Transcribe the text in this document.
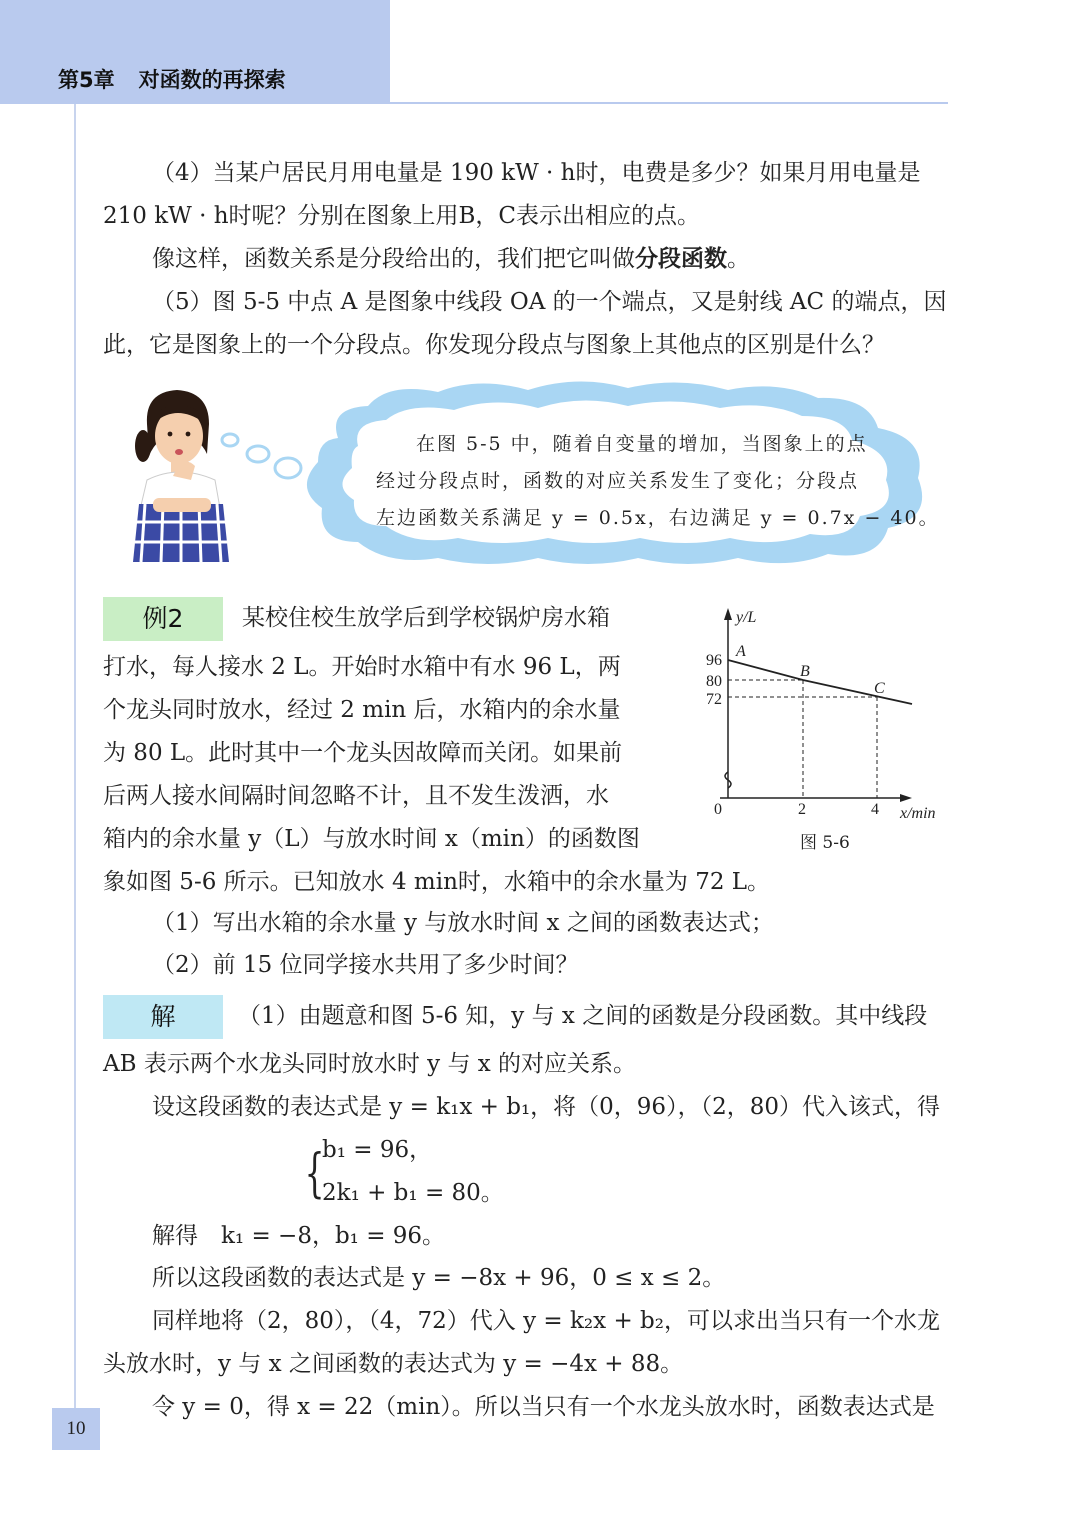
第5章 对函数的再探索

（4）当某户居民月用电量是 190 kW · h时，电费是多少？如果月用电量是

210 kW · h时呢？分别在图象上用B，C表示出相应的点。

像这样，函数关系是分段给出的，我们把它叫做分段函数。

（5）图 5-5 中点 A 是图象中线段 OA 的一个端点，又是射线 AC 的端点，因

此，它是图象上的一个分段点。你发现分段点与图象上其他点的区别是什么？

在图 5-5 中，随着自变量的增加，当图象上的点
经过分段点时，函数的对应关系发生了变化；分段点
左边函数关系满足 y = 0.5x，右边满足 y = 0.7x − 40。
例2	某校住校生放学后到学校锅炉房水箱

打水，每人接水 2 L。开始时水箱中有水 96 L，两

个龙头同时放水，经过 2 min 后，水箱内的余水量

为 80 L。此时其中一个龙头因故障而关闭。如果前

后两人接水间隔时间忽略不计，且不发生泼洒，水

箱内的余水量 y（L）与放水时间 x（min）的函数图

象如图 5-6 所示。已知放水 4 min时，水箱中的余水量为 72 L。

（1）写出水箱的余水量 y 与放水时间 x 之间的函数表达式；

（2）前 15 位同学接水共用了多少时间？

y/L
x/min
0
96
80
72
2	4
A
B
C
图 5-6
解	（1）由题意和图 5-6 知，y 与 x 之间的函数是分段函数。其中线段

AB 表示两个水龙头同时放水时 y 与 x 的对应关系。

设这段函数的表达式是 y = k₁x + b₁，将（0，96），（2，80）代入该式，得

{

b₁ = 96，

2k₁ + b₁ = 80。

解得　k₁ = −8，b₁ = 96。

所以这段函数的表达式是 y = −8x + 96，0 ≤ x ≤ 2。

同样地将（2，80），（4，72）代入 y = k₂x + b₂，可以求出当只有一个水龙

头放水时，y 与 x 之间函数的表达式为 y = −4x + 88。

令 y = 0，得 x = 22（min）。所以当只有一个水龙头放水时，函数表达式是

10
